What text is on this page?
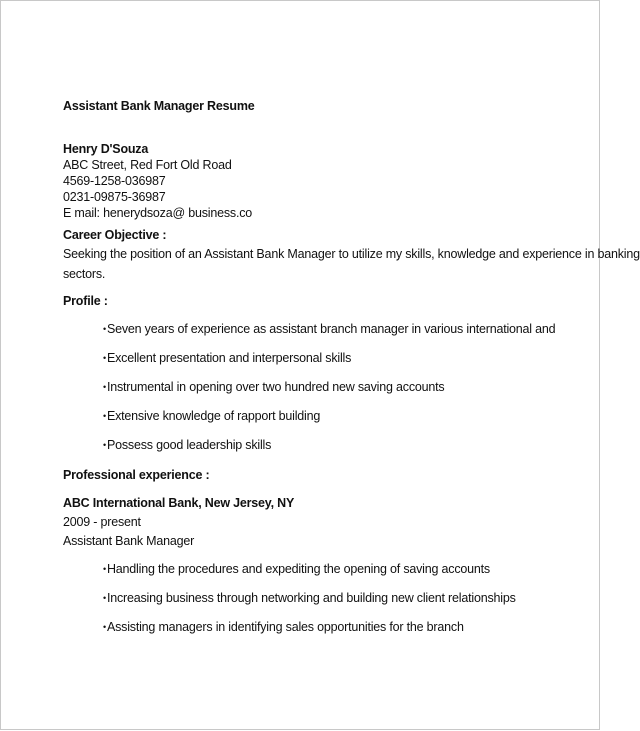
Assistant Bank Manager Resume
Henry D'Souza
ABC Street, Red Fort Old Road
4569-1258-036987
0231-09875-36987
E mail: henerydsoza@ business.co
Career Objective :
Seeking the position of an Assistant Bank Manager to utilize my skills, knowledge and experience in banking
sectors.
Profile :
• Seven years of experience as assistant branch manager in various international and
• Excellent presentation and interpersonal skills
• Instrumental in opening over two hundred new saving accounts
• Extensive knowledge of rapport building
• Possess good leadership skills
Professional experience :
ABC International Bank, New Jersey, NY
2009 - present
Assistant Bank Manager
• Handling the procedures and expediting the opening of saving accounts
• Increasing business through networking and building new client relationships
• Assisting managers in identifying sales opportunities for the branch
